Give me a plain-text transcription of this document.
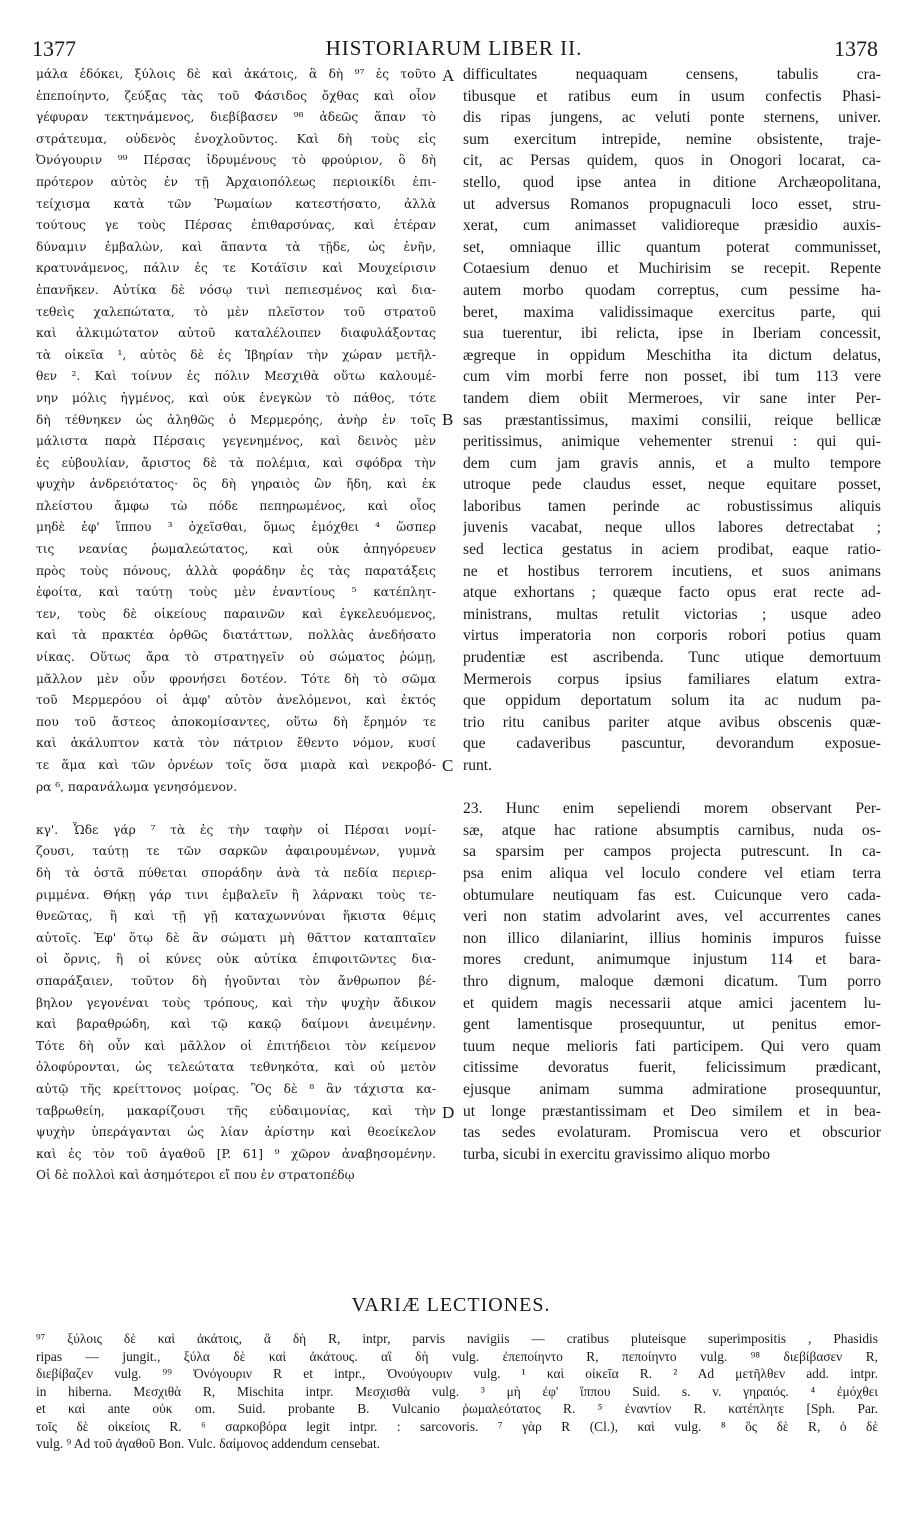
1377	HISTORIARUM LIBER II.	1378
μάλα ἐδόκει, ξύλοις δὲ καὶ ἀκάτοις, ἃ δὴ ⁹⁷ ἐς τοῦτο
ἐπεποίηντο, ζεύξας τὰς τοῦ Φάσιδος ὄχθας καὶ οἷον
γέφυραν τεκτηνάμενος, διεβίβασεν ⁹⁸ ἀδεῶς ἅπαν τὸ
στράτευμα, οὐδενὸς ἐνοχλοῦντος. Καὶ δὴ τοὺς εἰς
Ὀνόγουριν ⁹⁹ Πέρσας ἱδρυμένους τὸ φρούριον, ὃ δὴ
πρότερον αὐτὸς ἐν τῇ Ἀρχαιοπόλεως περιοικίδι ἐπι-
τείχισμα κατὰ τῶν Ῥωμαίων κατεστήσατο, ἀλλὰ
τούτους γε τοὺς Πέρσας ἐπιθαρσύνας, καὶ ἑτέραν
δύναμιν ἐμβαλὼν, καὶ ἅπαντα τὰ τῇδε, ὡς ἐνῆν,
κρατυνάμενος, πάλιν ἐς τε Κοτάϊσιν καὶ Μουχείρισιν
ἐπανῆκεν. Αὐτίκα δὲ νόσῳ τινὶ πεπιεσμένος καὶ δια-
τεθεὶς χαλεπώτατα, τὸ μὲν πλεῖστον τοῦ στρατοῦ
καὶ ἀλκιμώτατον αὐτοῦ καταλέλοιπεν διαφυλάξοντας
τὰ οἰκεῖα ¹, αὐτὸς δὲ ἐς Ἰβηρίαν τὴν χώραν μετῆλ-
θεν ². Καὶ τοίνυν ἐς πόλιν Μεσχιθὰ οὕτω καλουμέ-
νην μόλις ἠγμένος, καὶ οὐκ ἐνεγκὼν τὸ πάθος, τότε
δὴ τέθνηκεν ὡς ἀληθῶς ὁ Μερμερόης, ἀνὴρ ἐν τοῖς
μάλιστα παρὰ Πέρσαις γεγενημένος, καὶ δεινὸς μὲν
ἐς εὐβουλίαν, ἄριστος δὲ τὰ πολέμια, καὶ σφόδρα τὴν
ψυχὴν ἀνδρειότατος· ὃς δὴ γηραιὸς ὢν ἤδη, καὶ ἐκ
πλείστου ἄμφω τὼ πόδε πεπηρωμένος, καὶ οἷος
μηδὲ ἐφ' ἵππου ³ ὀχεῖσθαι, ὅμως ἐμόχθει ⁴ ὥσπερ
τις νεανίας ῥωμαλεώτατος, καὶ οὐκ ἀπηγόρευεν
πρὸς τοὺς πόνους, ἀλλὰ φοράδην ἐς τὰς παρατάξεις
ἐφοίτα, καὶ ταύτῃ τοὺς μὲν ἐναντίους ⁵ κατέπλητ-
τεν, τοὺς δὲ οἰκείους παραινῶν καὶ ἐγκελευόμενος,
καὶ τὰ πρακτέα ὀρθῶς διατάττων, πολλὰς ἀνεδήσατο
νίκας. Οὕτως ἄρα τὸ στρατηγεῖν οὐ σώματος ῥώμῃ,
μᾶλλον μὲν οὖν φρονήσει δοτέον. Τότε δὴ τὸ σῶμα
τοῦ Μερμερόου οἱ ἀμφ' αὐτὸν ἀνελόμενοι, καὶ ἐκτός
που τοῦ ἄστεος ἀποκομίσαντες, οὕτω δὴ ἔρημόν τε
καὶ ἀκάλυπτον κατὰ τὸν πάτριον ἔθεντο νόμον, κυσί
τε ἅμα καὶ τῶν ὀρνέων τοῖς ὅσα μιαρὰ καὶ νεκροβό-
ρα ⁶, παρανάλωμα γενησόμενον.

κγ'. Ὧδε γάρ ⁷ τὰ ἐς τὴν ταφὴν οἱ Πέρσαι νομί-
ζουσι, ταύτῃ τε τῶν σαρκῶν ἀφαιρουμένων, γυμνὰ
δὴ τὰ ὀστᾶ πύθεται σποράδην ἀνὰ τὰ πεδία περιερ-
ριμμένα. Θήκῃ γάρ τινι ἐμβαλεῖν ἢ λάρνακι τοὺς τε-
θνεῶτας, ἢ καὶ τῇ γῇ καταχωννύναι ἥκιστα θέμις
αὐτοῖς. Ἐφ' ὅτῳ δὲ ἂν σώματι μὴ θᾶττον καταπταῖεν
οἱ ὄρνις, ἢ οἱ κύνες οὐκ αὐτίκα ἐπιφοιτῶντες δια-
σπαράξαιεν, τοῦτον δὴ ἡγοῦνται τὸν ἄνθρωπον βέ-
βηλον γεγονέναι τοὺς τρόπους, καὶ τὴν ψυχὴν ἄδικον
καὶ βαραθρώδη, καὶ τῷ κακῷ δαίμονι ἀνειμένην.
Τότε δὴ οὖν καὶ μᾶλλον οἱ ἐπιτήδειοι τὸν κείμενον
ὀλοφύρονται, ὡς τελεώτατα τεθνηκότα, καὶ οὐ μετὸν
αὐτῷ τῆς κρείττονος μοίρας. Ὃς δὲ ⁸ ἂν τάχιστα κα-
ταβρωθείη, μακαρίζουσι τῆς εὐδαιμονίας, καὶ τὴν
ψυχὴν ὑπεράγανται ὡς λίαν ἀρίστην καὶ θεοείκελον
καὶ ἐς τὸν τοῦ ἀγαθοῦ [P. 61] ⁹ χῶρον ἀναβησομένην.
Οἱ δὲ πολλοὶ καὶ ἀσημότεροι εἴ που ἐν στρατοπέδῳ
difficultates nequaquam censens, tabulis cra-
tibusque et ratibus eum in usum confectis Phasi-
dis ripas jungens, ac veluti ponte sternens, univer.
sum exercitum intrepide, nemine obsistente, traje-
cit, ac Persas quidem, quos in Onogori locarat, ca-
stello, quod ipse antea in ditione Archæopolitana,
ut adversus Romanos propugnaculi loco esset, stru-
xerat, cum animasset validioreque præsidio auxis-
set, omniaque illic quantum poterat communisset,
Cotaesium denuo et Muchirisim se recepit. Repente
autem morbo quodam correptus, cum pessime ha-
beret, maxima validissimaque exercitus parte, qui
sua tuerentur, ibi relicta, ipse in Iberiam concessit,
ægreque in oppidum Meschitha ita dictum delatus,
cum vim morbi ferre non posset, ibi tum 113 vere
tandem diem obiit Mermeroes, vir sane inter Per-
sas præstantissimus, maximi consilii, reique bellicæ
peritissimus, animique vehementer strenui : qui qui-
dem cum jam gravis annis, et a multo tempore
utroque pede claudus esset, neque equitare posset,
laboribus tamen perinde ac robustissimus aliquis
juvenis vacabat, neque ullos labores detrectabat ;
sed lectica gestatus in aciem prodibat, eaque ratio-
ne et hostibus terrorem incutiens, et suos animans
atque exhortans ; quæque facto opus erat recte ad-
ministrans, multas retulit victorias ; usque adeo
virtus imperatoria non corporis robori potius quam
prudentiæ est ascribenda. Tunc utique demortuum
Mermerois corpus ipsius familiares elatum extra-
que oppidum deportatum solum ita ac nudum pa-
trio ritu canibus pariter atque avibus obscenis quæ-
que cadaveribus pascuntur, devorandum exposue-
runt.

23. Hunc enim sepeliendi morem observant Per-
sæ, atque hac ratione absumptis carnibus, nuda os-
sa sparsim per campos projecta putrescunt. In ca-
psa enim aliqua vel loculo condere vel etiam terra
obtumulare neutiquam fas est. Cuicunque vero cada-
veri non statim advolarint aves, vel accurrentes canes
non illico dilaniarint, illius hominis impuros fuisse
mores credunt, animumque injustum 114 et bara-
thro dignum, maloque dæmoni dicatum. Tum porro
et quidem magis necessarii atque amici jacentem lu-
gent lamentisque prosequuntur, ut penitus emor-
tuum neque melioris fati participem. Qui vero quam
citissime devoratus fuerit, felicissimum prædicant,
ejusque animam summa admiratione prosequuntur,
ut longe præstantissimam et Deo similem et in bea-
tas sedes evolaturam. Promiscua vero et obscurior
turba, sicubi in exercitu gravissimo aliquo morbo
A
B
C
D
VARIÆ LECTIONES.
⁹⁷ ξύλοις δὲ καὶ ἀκάτοις, ἃ δὴ R, intpr, parvis navigiis — cratibus pluteisque superimpositis , Phasidis
ripas — jungit., ξύλα δὲ καὶ ἀκάτους. αἳ δὴ vulg. ἐπεποίηντο R, πεποίηντο vulg. ⁹⁸ διεβίβασεν R,
διεβίβαζεν vulg. ⁹⁹ Ὀνόγουριν R et intpr., Ὀνούγουριν vulg. ¹ καὶ οἰκεῖα R. ² Ad μετῆλθεν add. intpr.
in hiberna. Μεσχιθὰ R, Mischita intpr. Μεσχισθὰ vulg. ³ μὴ ἐφ' ἵππου Suid. s. v. γηραιός. ⁴ ἐμόχθει
et καὶ ante οὐκ om. Suid. probante B. Vulcanio ῥωμαλεότατος R. ⁵ ἐναντίον R. κατέπλητε [Sph. Par.
τοῖς δὲ οἰκείοις R. ⁶ σαρκοβόρα legit intpr. : sarcovoris. ⁷ γὰρ R (Cl.), καὶ vulg. ⁸ ὃς δὲ R, ὁ δὲ
vulg. ⁹ Ad τοῦ ἀγαθοῦ Bon. Vulc. δαίμονος addendum censebat.
